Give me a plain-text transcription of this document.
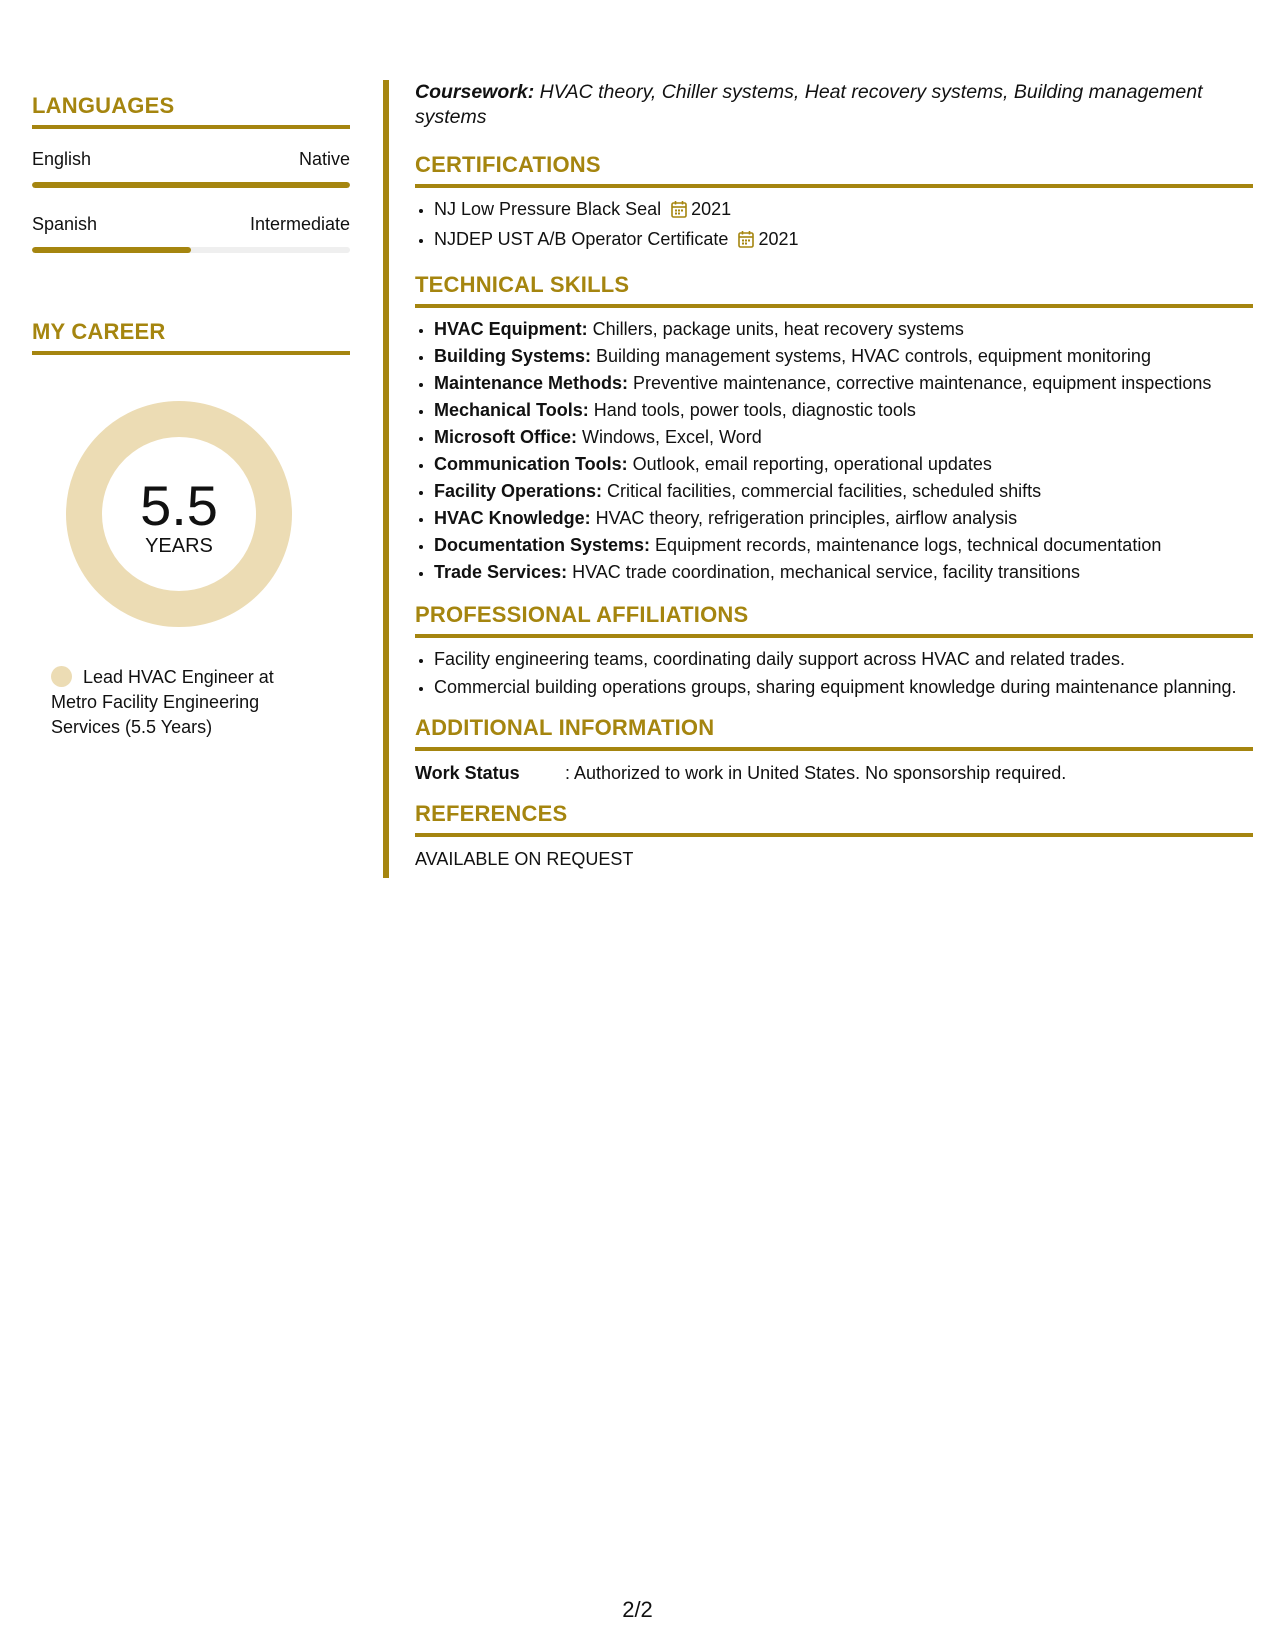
LANGUAGES
English	Native
Spanish	Intermediate
MY CAREER
5.5
YEARS
Lead HVAC Engineer at Metro Facility Engineering Services (5.5 Years)
Coursework: HVAC theory, Chiller systems, Heat recovery systems, Building management systems
CERTIFICATIONS
• NJ Low Pressure Black Seal 2021
• NJDEP UST A/B Operator Certificate 2021
TECHNICAL SKILLS
• HVAC Equipment: Chillers, package units, heat recovery systems
• Building Systems: Building management systems, HVAC controls, equipment monitoring
• Maintenance Methods: Preventive maintenance, corrective maintenance, equipment inspections
• Mechanical Tools: Hand tools, power tools, diagnostic tools
• Microsoft Office: Windows, Excel, Word
• Communication Tools: Outlook, email reporting, operational updates
• Facility Operations: Critical facilities, commercial facilities, scheduled shifts
• HVAC Knowledge: HVAC theory, refrigeration principles, airflow analysis
• Documentation Systems: Equipment records, maintenance logs, technical documentation
• Trade Services: HVAC trade coordination, mechanical service, facility transitions
PROFESSIONAL AFFILIATIONS
• Facility engineering teams, coordinating daily support across HVAC and related trades.
• Commercial building operations groups, sharing equipment knowledge during maintenance planning.
ADDITIONAL INFORMATION
Work Status	: Authorized to work in United States. No sponsorship required.
REFERENCES
AVAILABLE ON REQUEST
2/2
